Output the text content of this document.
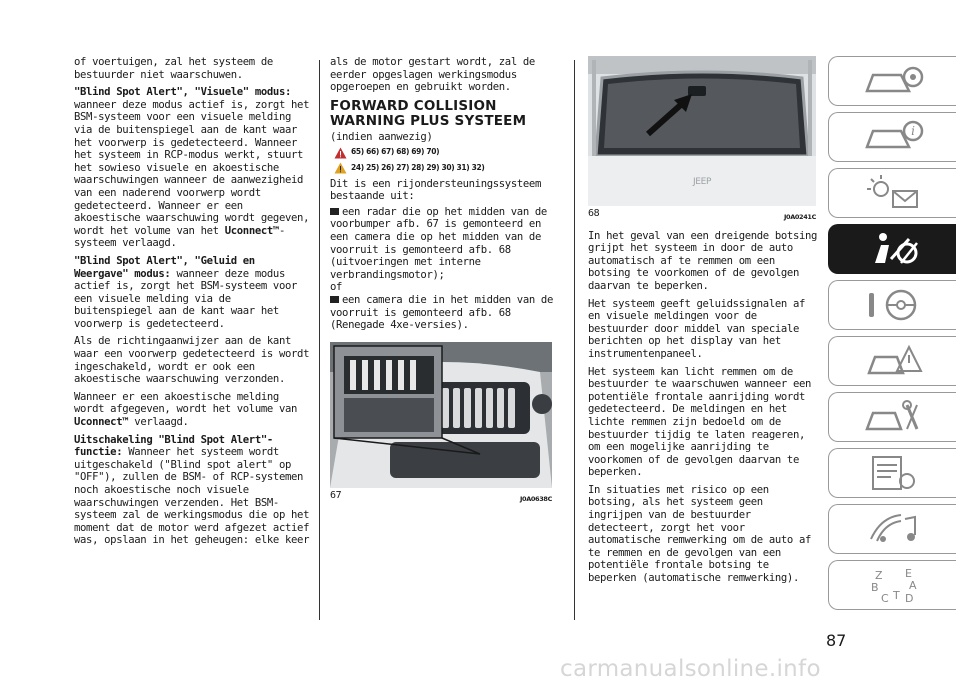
of voertuigen, zal het systeem de bestuurder niet waarschuwen.

"Blind Spot Alert", "Visuele" modus: wanneer deze modus actief is, zorgt het BSM-systeem voor een visuele melding via de buitenspiegel aan de kant waar het voorwerp is gedetecteerd. Wanneer het systeem in RCP-modus werkt, stuurt het sowieso visuele en akoestische waarschuwingen wanneer de aanwezigheid van een naderend voorwerp wordt gedetecteerd. Wanneer er een akoestische waarschuwing wordt gegeven, wordt het volume van het Uconnect™-systeem verlaagd.

"Blind Spot Alert", "Geluid en Weergave" modus: wanneer deze modus actief is, zorgt het BSM-systeem voor een visuele melding via de buitenspiegel aan de kant waar het voorwerp is gedetecteerd.

Als de richtingaanwijzer aan de kant waar een voorwerp gedetecteerd is wordt ingeschakeld, wordt er ook een akoestische waarschuwing verzonden.

Wanneer er een akoestische melding wordt afgegeven, wordt het volume van Uconnect™ verlaagd.

Uitschakeling "Blind Spot Alert"-functie: Wanneer het systeem wordt uitgeschakeld ("Blind spot alert" op "OFF"), zullen de BSM- of RCP-systemen noch akoestische noch visuele waarschuwingen verzenden. Het BSM-systeem zal de werkingsmodus die op het moment dat de motor werd afgezet actief was, opslaan in het geheugen: elke keer

als de motor gestart wordt, zal de eerder opgeslagen werkingsmodus opgeroepen en gebruikt worden.

FORWARD COLLISION WARNING PLUS SYSTEEM
(indien aanwezig)
65) 66) 67) 68) 69) 70)
24) 25) 26) 27) 28) 29) 30) 31) 32)

Dit is een rijondersteuningssysteem bestaande uit:

een radar die op het midden van de voorbumper afb. 67 is gemonteerd en een camera die op het midden van de voorruit is gemonteerd afb. 68 (uitvoeringen met interne verbrandingsmotor);
of
een camera die in het midden van de voorruit is gemonteerd afb. 68 (Renegade 4xe-versies).
67	J0A0638C
JEEP
68	J0A0241C

In het geval van een dreigende botsing grijpt het systeem in door de auto automatisch af te remmen om een botsing te voorkomen of de gevolgen daarvan te beperken.

Het systeem geeft geluidssignalen af en visuele meldingen voor de bestuurder door middel van speciale berichten op het display van het instrumentenpaneel.

Het systeem kan licht remmen om de bestuurder te waarschuwen wanneer een potentiële frontale aanrijding wordt gedetecteerd. De meldingen en het lichte remmen zijn bedoeld om de bestuurder tijdig te laten reageren, om een mogelijke aanrijding te voorkomen of de gevolgen daarvan te beperken.

In situaties met risico op een botsing, als het systeem geen ingrijpen van de bestuurder detecteert, zorgt het voor automatische remwerking om de auto af te remmen en de gevolgen van een potentiële frontale botsing te beperken (automatische remwerking).

i
Z E
A
B
C T D
87
carmanualsonline.info
